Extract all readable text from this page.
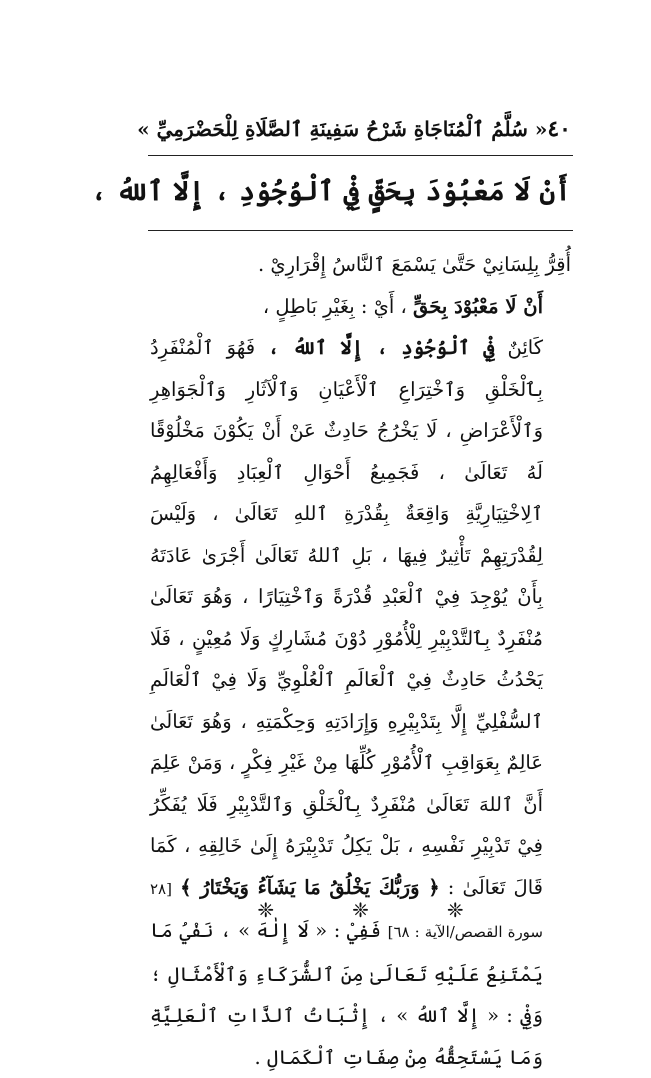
٤٠
« سُلَّمُ ٱلْمُنَاجَاةِ شَرْحُ سَفِينَةِ ٱلصَّلَاةِ لِلْحَضْرَمِيِّ »
أَنْ لَا مَعْبُوْدَ بِحَقٍّ فِيْ ٱلْوُجُوْدِ ، إِلَّا ٱللهُ ،

أُقِرُّ بِلِسَانِيْ حَتَّىٰ يَسْمَعَ ٱلنَّاسُ إِقْرَارِيْ .

أَنْ لَا مَعْبُوْدَ بِحَقٍّ ، أَيْ : بِغَيْرِ بَاطِلٍ ،

كَائِنٌ فِيْ ٱلْوُجُوْدِ ، إِلَّا ٱللهُ ، فَهُوَ ٱلْمُنْفَرِدُ بِٱلْخَلْقِ وَٱخْتِرَاعِ ٱلْأَعْيَانِ وَٱلْآثَارِ وَٱلْجَوَاهِرِ وَٱلْأَعْرَاضِ ، لَا يَخْرُجُ حَادِثٌ عَنْ أَنْ يَكُوْنَ مَخْلُوْقًا لَهُ تَعَالَىٰ ، فَجَمِيعُ أَحْوَالِ ٱلْعِبَادِ وَأَفْعَالِهِمُ ٱلِاخْتِيَارِيَّةِ وَاقِعَةٌ بِقُدْرَةِ ٱللهِ تَعَالَىٰ ، وَلَيْسَ لِقُدْرَتِهِمْ تَأْثِيرٌ فِيهَا ، بَلِ ٱللهُ تَعَالَىٰ أَجْرَىٰ عَادَتَهُ بِأَنْ يُوْجِدَ فِيْ ٱلْعَبْدِ قُدْرَةً وَٱخْتِيَارًا ، وَهُوَ تَعَالَىٰ مُنْفَرِدٌ بِٱلتَّدْبِيْرِ لِلْأُمُوْرِ دُوْنَ مُشَارِكٍ وَلَا مُعِيْنٍ ، فَلَا يَحْدُثُ حَادِثٌ فِيْ ٱلْعَالَمِ ٱلْعُلْوِيِّ وَلَا فِيْ ٱلْعَالَمِ ٱلسُّفْلِيِّ إِلَّا بِتَدْبِيْرِهِ وَإِرَادَتِهِ وَحِكْمَتِهِ ، وَهُوَ تَعَالَىٰ عَالِمٌ بِعَوَاقِبِ ٱلْأُمُوْرِ كُلِّهَا مِنْ غَيْرِ فِكْرٍ ، وَمَنْ عَلِمَ أَنَّ ٱللهَ تَعَالَىٰ مُنْفَرِدٌ بِٱلْخَلْقِ وَٱلتَّدْبِيْرِ فَلَا يُفَكِّرُ فِيْ تَدْبِيْرِ نَفْسِهِ ، بَلْ يَكِلُ تَدْبِيْرَهُ إِلَىٰ خَالِقِهِ ، كَمَا قَالَ تَعَالَىٰ : ﴿ وَرَبُّكَ يَخْلُقُ مَا يَشَآءُ وَيَخْتَارُ ﴾ [٢٨ سورة القصص/الآية : ٦٨] فَفِيْ : « لَا إِلٰهَ » ، نَفْيُ مَا يَمْتَنِعُ عَلَيْهِ تَعَالَىٰ مِنَ ٱلشُّرَكَاءِ وَٱلْأَمْثَالِ ؛ وَفِيْ : « إِلَّا ٱللهُ » ، إِثْبَاتُ ٱلذَّاتِ ٱلْعَلِيَّةِ وَمَا يَسْتَحِقُّهُ مِنْ صِفَاتِ ٱلْكَمَالِ .

❈	❈	❈
